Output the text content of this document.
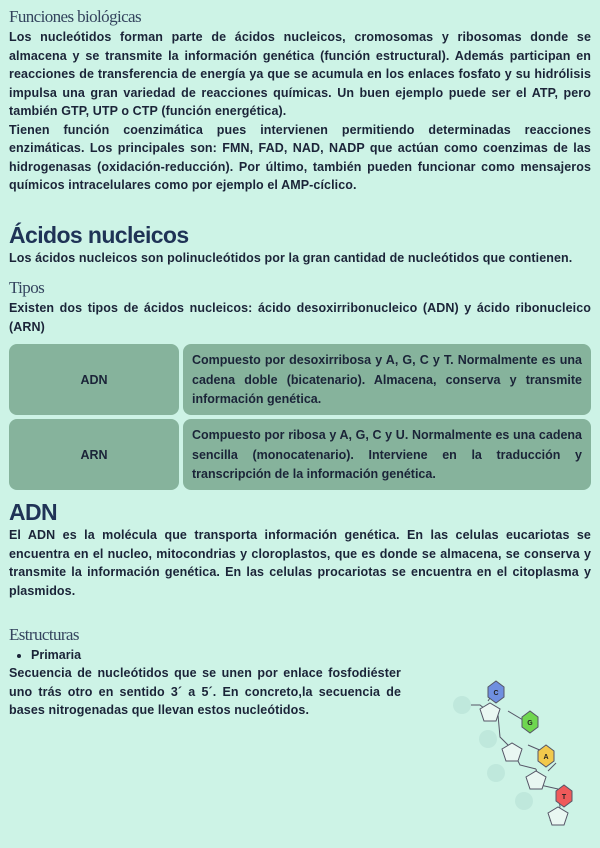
Funciones biológicas

Los nucleótidos forman parte de ácidos nucleicos, cromosomas y ribosomas donde se almacena y se transmite la información genética (función estructural). Además participan en reacciones de transferencia de energía ya que se acumula en los enlaces fosfato y su hidrólisis impulsa una gran variedad de reacciones químicas. Un buen ejemplo puede ser el ATP, pero también GTP, UTP o CTP (función energética).

Tienen función coenzimática pues intervienen permitiendo determinadas reacciones enzimáticas. Los principales son: FMN, FAD, NAD, NADP que actúan como coenzimas de las hidrogenasas (oxidación-reducción). Por último, también pueden funcionar como mensajeros químicos intracelulares como por ejemplo el AMP-cíclico.

Ácidos nucleicos

Los ácidos nucleicos son polinucleótidos por la gran cantidad de nucleótidos que contienen.

Tipos

Existen dos tipos de ácidos nucleicos: ácido desoxirribonucleico (ADN) y ácido ribonucleico (ARN)

ADN
Compuesto por desoxirribosa y A, G, C y T. Normalmente es una cadena doble (bicatenario). Almacena, conserva y transmite información genética.
ARN
Compuesto por ribosa y A, G, C y U. Normalmente es una cadena sencilla (monocatenario). Interviene en la traducción y transcripción de la información genética.
ADN

El ADN es la molécula que transporta información genética. En las celulas eucariotas se encuentra en el nucleo, mitocondrias y cloroplastos, que es donde se almacena, se conserva y transmite la información genética. En las celulas procariotas se encuentra en el citoplasma y plasmidos.

Estructuras
• Primaria

Secuencia de nucleótidos que se unen por enlace fosfodiéster uno trás otro en sentido 3´ a 5´. En concreto,la secuencia de bases nitrogenadas que llevan estos nucleótidos.

C
G
A
T
